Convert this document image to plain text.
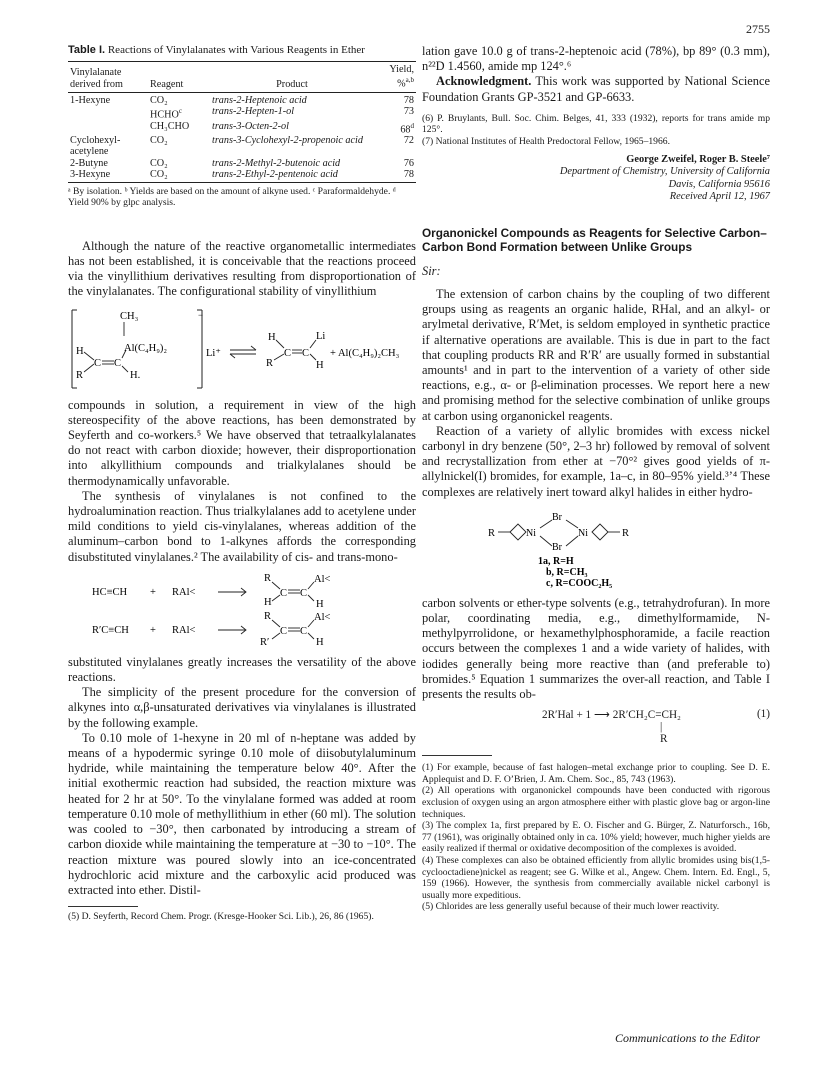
2755

Table I. Reactions of Vinylalanates with Various Reagents in Ether

Vinylalanate derived from	Reagent	Product	Yield, %$^{a,b}$
1-Hexyne	CO₂	trans-2-Heptenoic acid	78
	HCHO$^c$	trans-2-Hepten-1-ol	73
	CH₃CHO	trans-3-Octen-2-ol	68$^d$
Cyclohexyl-acetylene	CO₂	trans-3-Cyclohexyl-2-propenoic acid	72
2-Butyne	CO₂	trans-2-Methyl-2-butenoic acid	76
3-Hexyne	CO₂	trans-2-Ethyl-2-pentenoic acid	78

ᵃ By isolation. ᵇ Yields are based on the amount of alkyne used. ᶜ Paraformaldehyde. ᵈ Yield 90% by glpc analysis.

Although the nature of the reactive organometallic intermediates has not been established, it is conceivable that the reactions proceed via the vinyllithium derivatives resulting from disproportionation of the vinylalanates. The configurational stability of vinyllithium

CH₃
H
R
C C
Al(C₄H₉)₂
H.
−
Li⁺
H
R
C C
Li
H
+ Al(C₄H₉)₂CH₃

compounds in solution, a requirement in view of the high stereospecifity of the above reactions, has been demonstrated by Seyferth and co-workers.⁵ We have observed that tetraalkylalanates do not react with carbon dioxide; however, their disproportionation into alkyllithium compounds and trialkylalanes should be thermodynamically unfavorable.

The synthesis of vinylalanes is not confined to the hydroalumination reaction. Thus trialkylalanes add to acetylene under mild conditions to yield cis-vinylalanes, whereas addition of the aluminum–carbon bond to 1-alkynes affords the corresponding disubstituted vinylalanes.² The availability of cis- and trans-mono-

HC≡CH + RAl<
R
H
C C
Al<
H
R′C≡CH + RAl<
R
R′
C C
Al<
H

substituted vinylalanes greatly increases the versatility of the above reactions.

The simplicity of the present procedure for the conversion of alkynes into α,β-unsaturated derivatives via vinylalanes is illustrated by the following example.

To 0.10 mole of 1-hexyne in 20 ml of n-heptane was added by means of a hypodermic syringe 0.10 mole of diisobutylaluminum hydride, while maintaining the temperature below 40°. After the initial exothermic reaction had subsided, the reaction mixture was heated for 2 hr at 50°. To the vinylalane formed was added at room temperature 0.10 mole of methyllithium in ether (60 ml). The solution was cooled to −30°, then carbonated by introducing a stream of carbon dioxide while maintaining the temperature at −30 to −10°. The reaction mixture was poured slowly into an ice-concentrated hydrochloric acid mixture and the carboxylic acid produced was extracted into ether. Distil-

(5) D. Seyferth, Record Chem. Progr. (Kresge-Hooker Sci. Lib.), 26, 86 (1965).

lation gave 10.0 g of trans-2-heptenoic acid (78%), bp 89° (0.3 mm), n²²D 1.4560, amide mp 124°.⁶

Acknowledgment. This work was supported by National Science Foundation Grants GP-3521 and GP-6633.

(6) P. Bruylants, Bull. Soc. Chim. Belges, 41, 333 (1932), reports for trans amide mp 125°.

(7) National Institutes of Health Predoctoral Fellow, 1965–1966.

George Zweifel, Roger B. Steele⁷
Department of Chemistry, University of California
Davis, California 95616
Received April 12, 1967

Organonickel Compounds as Reagents for Selective Carbon–Carbon Bond Formation between Unlike Groups

Sir:

The extension of carbon chains by the coupling of two different groups using as reagents an organic halide, RHal, and an alkyl- or arylmetal derivative, R′Met, is seldom employed in synthetic practice if alternative operations are available. This is due in part to the fact that coupling products RR and R′R′ are usually formed in substantial amounts¹ and in part to the intervention of a variety of other side reactions, e.g., α- or β-elimination processes. We report here a new and promising method for the selective combination of unlike groups at carbon using organonickel reagents.

Reaction of a variety of allylic bromides with excess nickel carbonyl in dry benzene (50°, 2–3 hr) followed by removal of solvent and recrystallization from ether at −70°² gives good yields of π-allylnickel(I) bromides, for example, 1a–c, in 80–95% yield.³ʼ⁴ These complexes are relatively inert toward alkyl halides in either hydro-

R	Ni
Br
Br
Ni	R
1a, R=H
b, R=CH₃
c, R=COOC₂H₅

carbon solvents or ether-type solvents (e.g., tetrahydrofuran). In more polar, coordinating media, e.g., dimethylformamide, N-methylpyrrolidone, or hexamethylphosphoramide, a facile reaction occurs between the complexes 1 and a wide variety of halides, with iodides generally being more reactive than (and preferable to) bromides.⁵ Equation 1 summarizes the over-all reaction, and Table I presents the results ob-

2R′Hal + 1 ⟶ 2R′CH₂C=CH₂	(1)
|
R

(1) For example, because of fast halogen–metal exchange prior to coupling. See D. E. Applequist and D. F. O’Brien, J. Am. Chem. Soc., 85, 743 (1963).

(2) All operations with organonickel compounds have been conducted with rigorous exclusion of oxygen using an argon atmosphere either with plastic glove bag or argon-line techniques.

(3) The complex 1a, first prepared by E. O. Fischer and G. Bürger, Z. Naturforsch., 16b, 77 (1961), was originally obtained only in ca. 10% yield; however, much higher yields are easily realized if thermal or oxidative decomposition of the complexes is avoided.

(4) These complexes can also be obtained efficiently from allylic bromides using bis(1,5-cyclooctadiene)nickel as reagent; see G. Wilke et al., Angew. Chem. Intern. Ed. Engl., 5, 159 (1966). However, the synthesis from commercially available nickel carbonyl is usually more expeditious.

(5) Chlorides are less generally useful because of their much lower reactivity.

Communications to the Editor
